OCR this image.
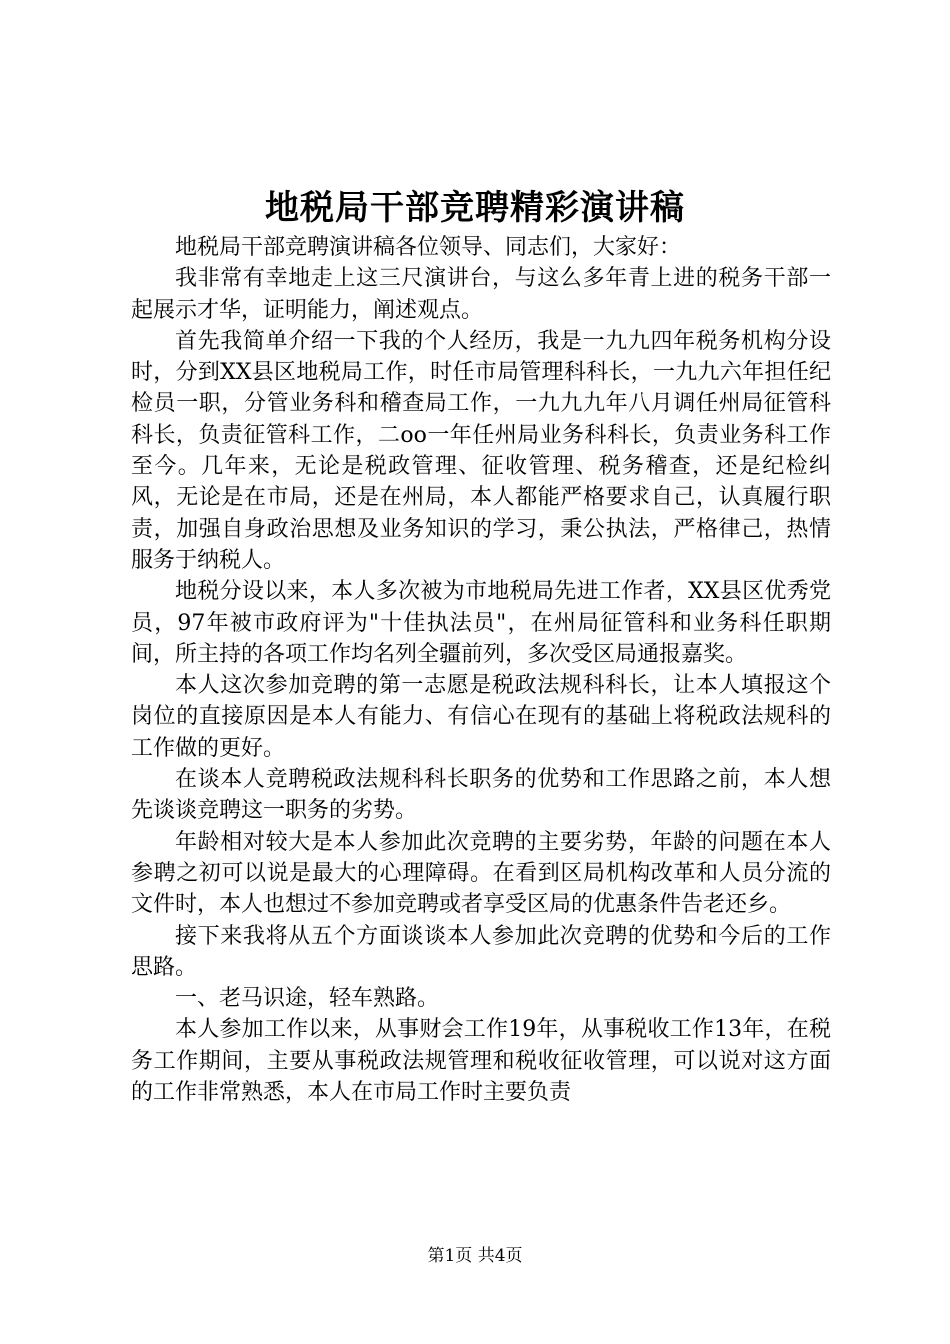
地税局干部竞聘精彩演讲稿

地税局干部竞聘演讲稿各位领导、同志们，大家好：

我非常有幸地走上这三尺演讲台，与这么多年青上进的税务干部一起展示才华，证明能力，阐述观点。

首先我简单介绍一下我的个人经历，我是一九九四年税务机构分设时，分到XX县区地税局工作，时任市局管理科科长，一九九六年担任纪检员一职，分管业务科和稽查局工作，一九九九年八月调任州局征管科科长，负责征管科工作，二oo一年任州局业务科科长，负责业务科工作至今。几年来，无论是税政管理、征收管理、税务稽查，还是纪检纠风，无论是在市局，还是在州局，本人都能严格要求自己，认真履行职责，加强自身政治思想及业务知识的学习，秉公执法，严格律己，热情服务于纳税人。

地税分设以来，本人多次被为市地税局先进工作者，XX县区优秀党员，97年被市政府评为"十佳执法员"，在州局征管科和业务科任职期间，所主持的各项工作均名列全疆前列，多次受区局通报嘉奖。

本人这次参加竞聘的第一志愿是税政法规科科长，让本人填报这个岗位的直接原因是本人有能力、有信心在现有的基础上将税政法规科的工作做的更好。

在谈本人竞聘税政法规科科长职务的优势和工作思路之前，本人想先谈谈竞聘这一职务的劣势。

年龄相对较大是本人参加此次竞聘的主要劣势，年龄的问题在本人参聘之初可以说是最大的心理障碍。在看到区局机构改革和人员分流的文件时，本人也想过不参加竞聘或者享受区局的优惠条件告老还乡。

接下来我将从五个方面谈谈本人参加此次竞聘的优势和今后的工作思路。

一、老马识途，轻车熟路。

本人参加工作以来，从事财会工作19年，从事税收工作13年，在税务工作期间，主要从事税政法规管理和税收征收管理，可以说对这方面的工作非常熟悉，本人在市局工作时主要负责

第1页 共4页
